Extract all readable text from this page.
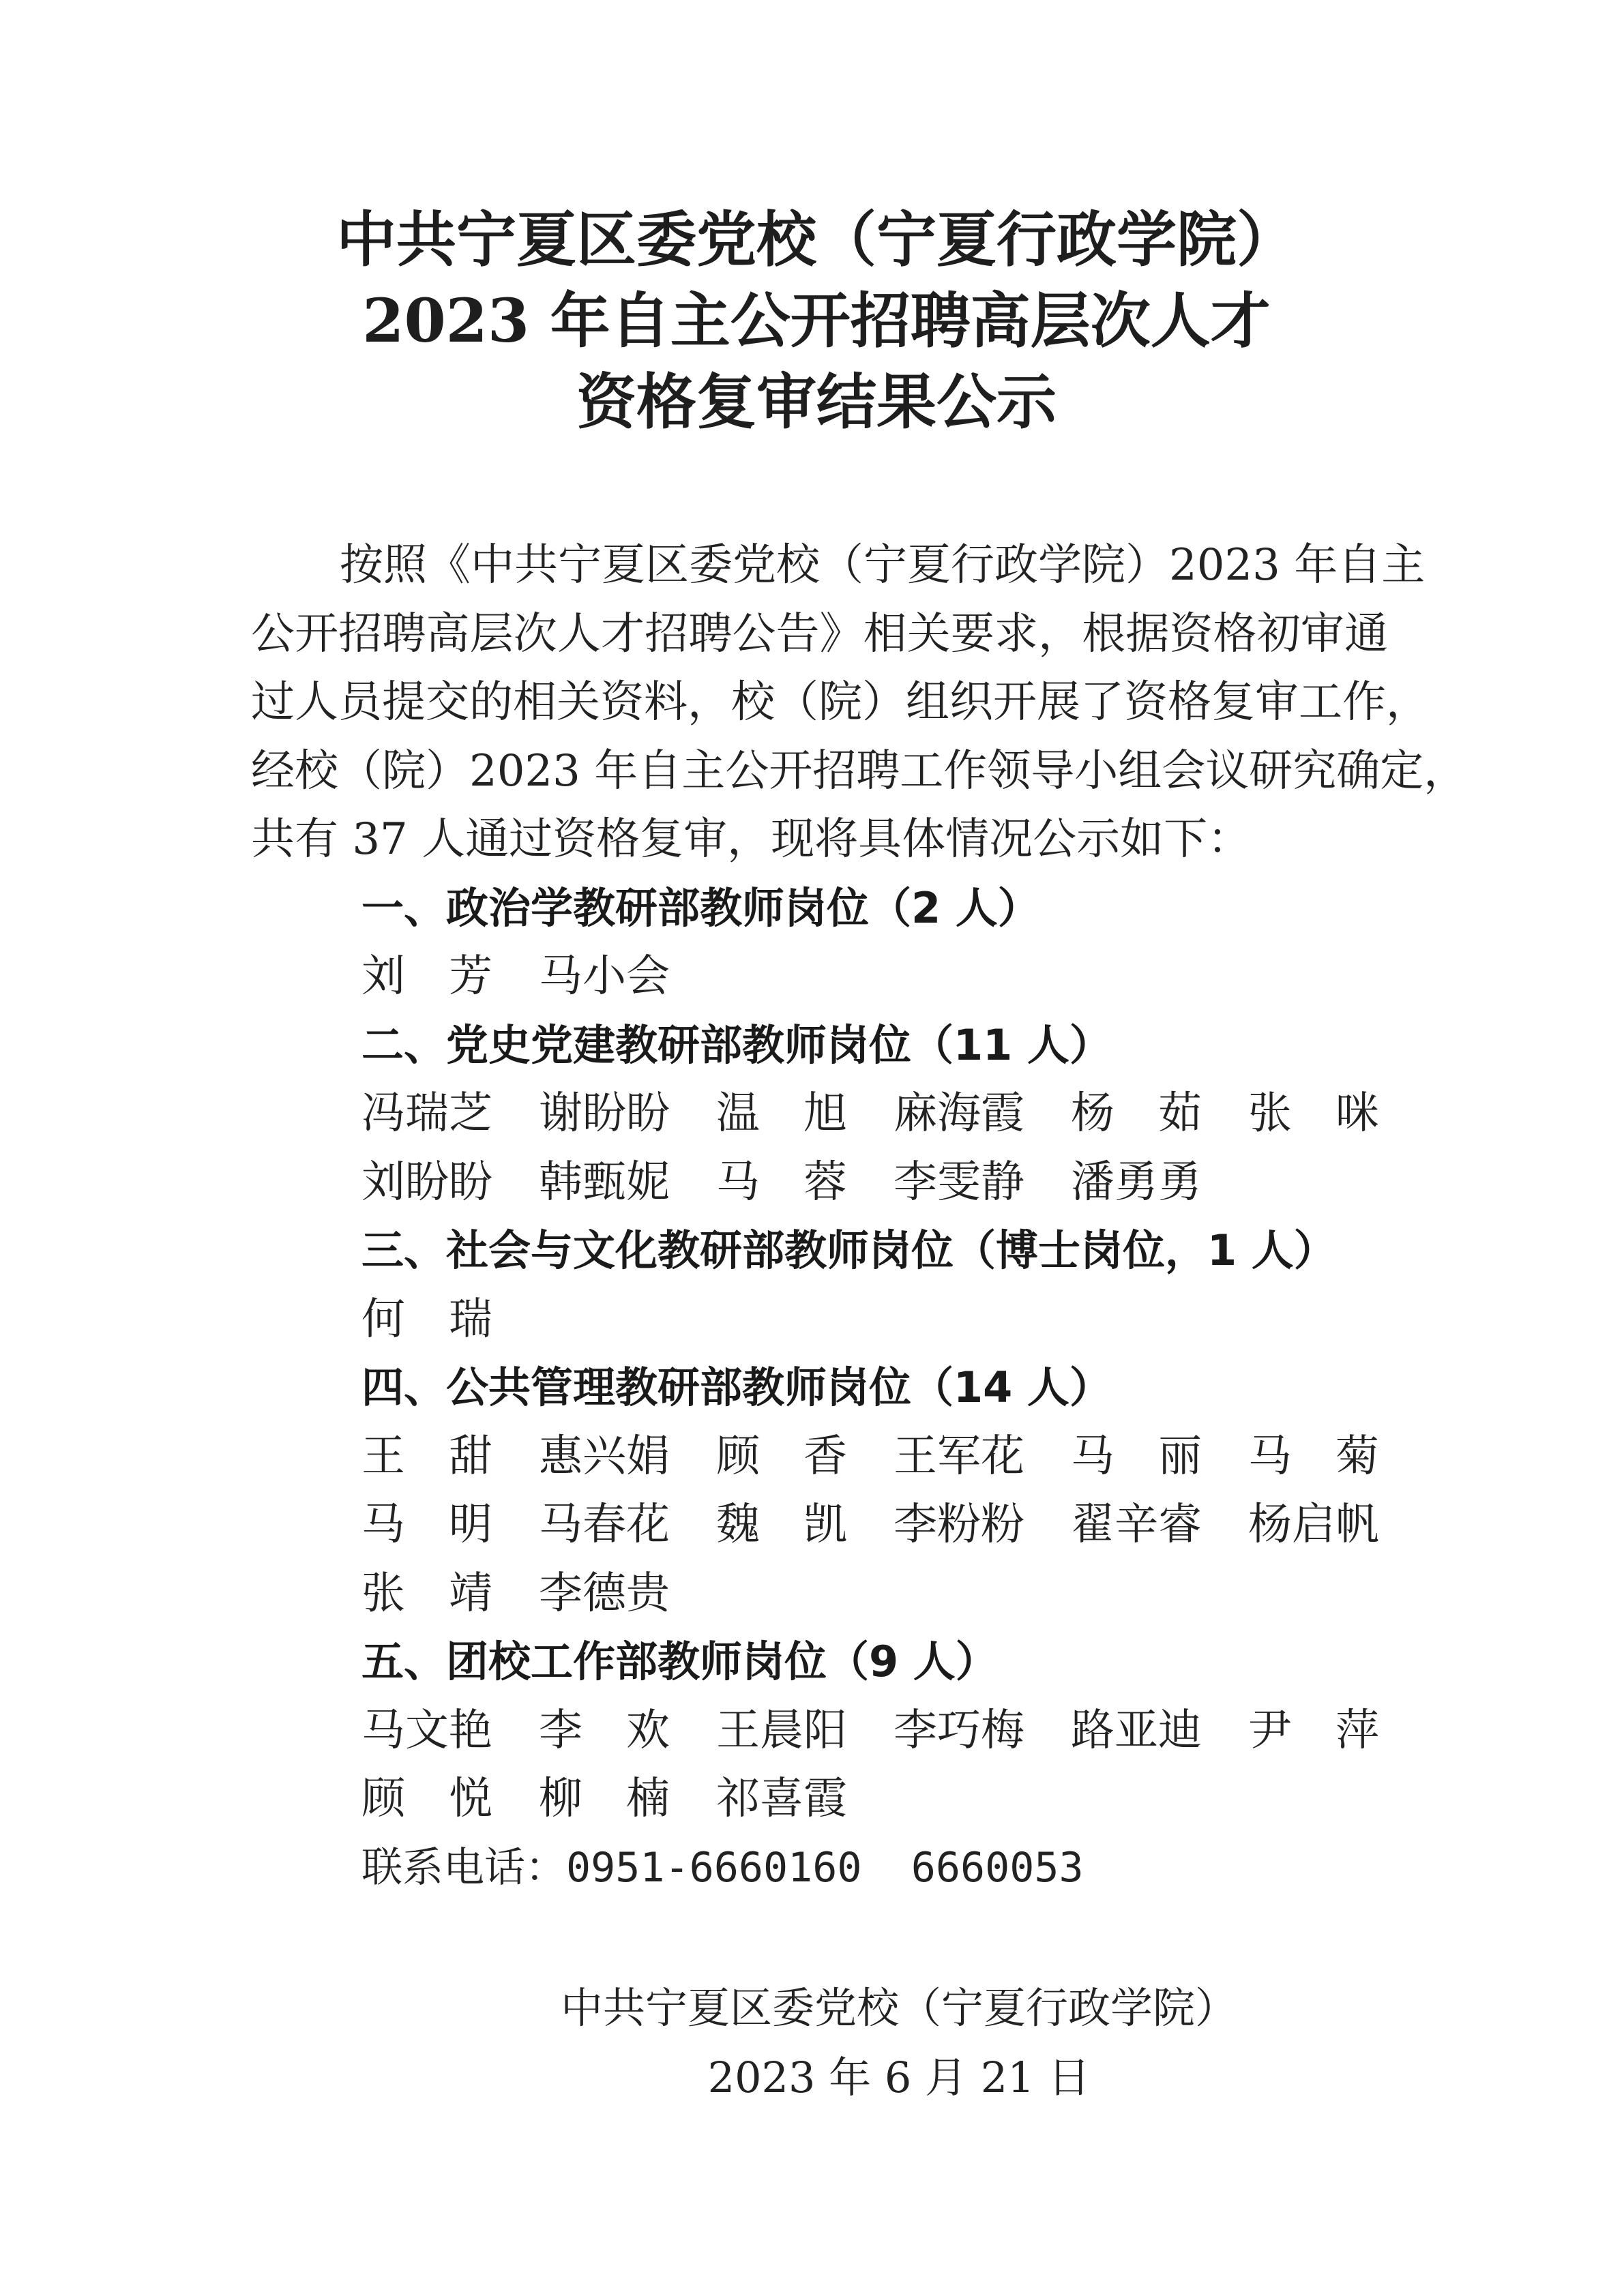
中共宁夏区委党校（宁夏行政学院）
2023 年自主公开招聘高层次人才
资格复审结果公示
按照《中共宁夏区委党校（宁夏行政学院）2023 年自主
公开招聘高层次人才招聘公告》相关要求，根据资格初审通
过人员提交的相关资料，校（院）组织开展了资格复审工作，
经校（院）2023 年自主公开招聘工作领导小组会议研究确定，
共有 37 人通过资格复审，现将具体情况公示如下：
一、政治学教研部教师岗位（2 人）
刘 芳 马小会
二、党史党建教研部教师岗位（11 人）
冯瑞芝 谢盼盼 温 旭 麻海霞 杨 茹 张 咪
刘盼盼 韩甄妮 马 蓉 李雯静 潘勇勇
三、社会与文化教研部教师岗位（博士岗位，1 人）
何 瑞
四、公共管理教研部教师岗位（14 人）
王 甜 惠兴娟 顾 香 王军花 马 丽 马 菊
马 明 马春花 魏 凯 李粉粉 翟辛睿 杨启帆
张 靖 李德贵
五、团校工作部教师岗位（9 人）
马文艳 李 欢 王晨阳 李巧梅 路亚迪 尹 萍
顾 悦 柳 楠 祁喜霞
联系电话：0951-6660160  6660053
中共宁夏区委党校（宁夏行政学院）
2023 年 6 月 21 日
